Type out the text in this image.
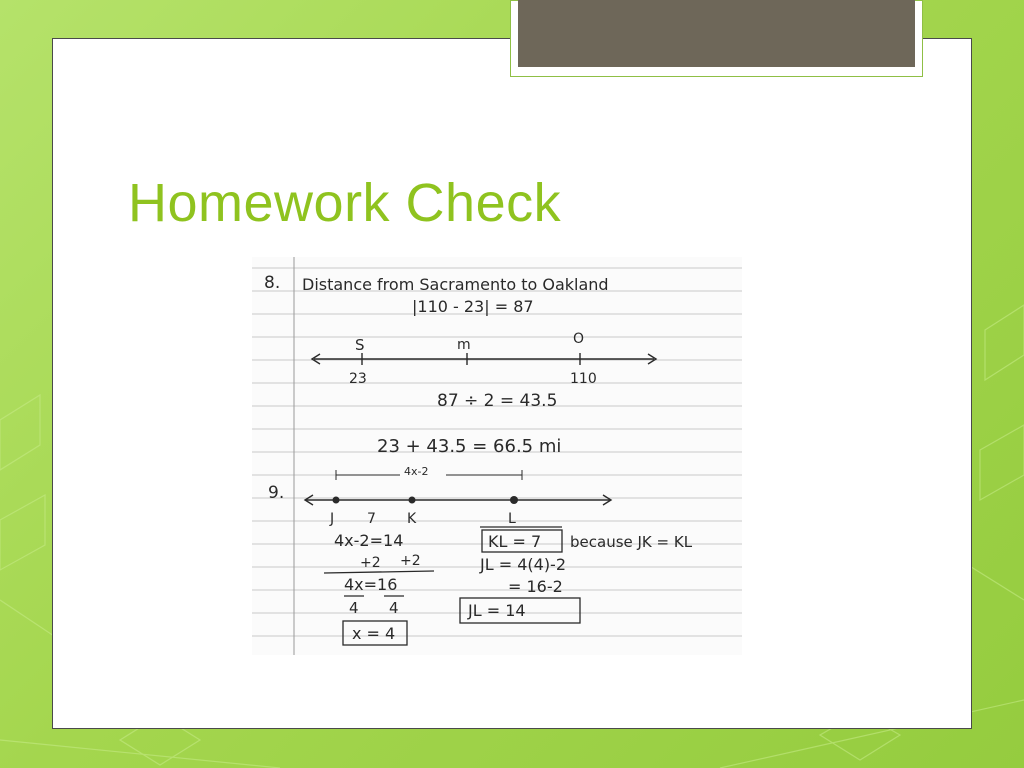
Homework Check
8. Distance from Sacramento to Oakland
|110 - 23| = 87
S	m	O
23	110
87 ÷ 2 = 43.5
23 + 43.5 = 66.5 mi
4x-2
9.
J 7 K	L
4x-2=14
+2 +2
4x=16
4 4
x = 4
KL = 7 because JK = KL
JL = 4(4)-2
= 16-2
JL = 14
